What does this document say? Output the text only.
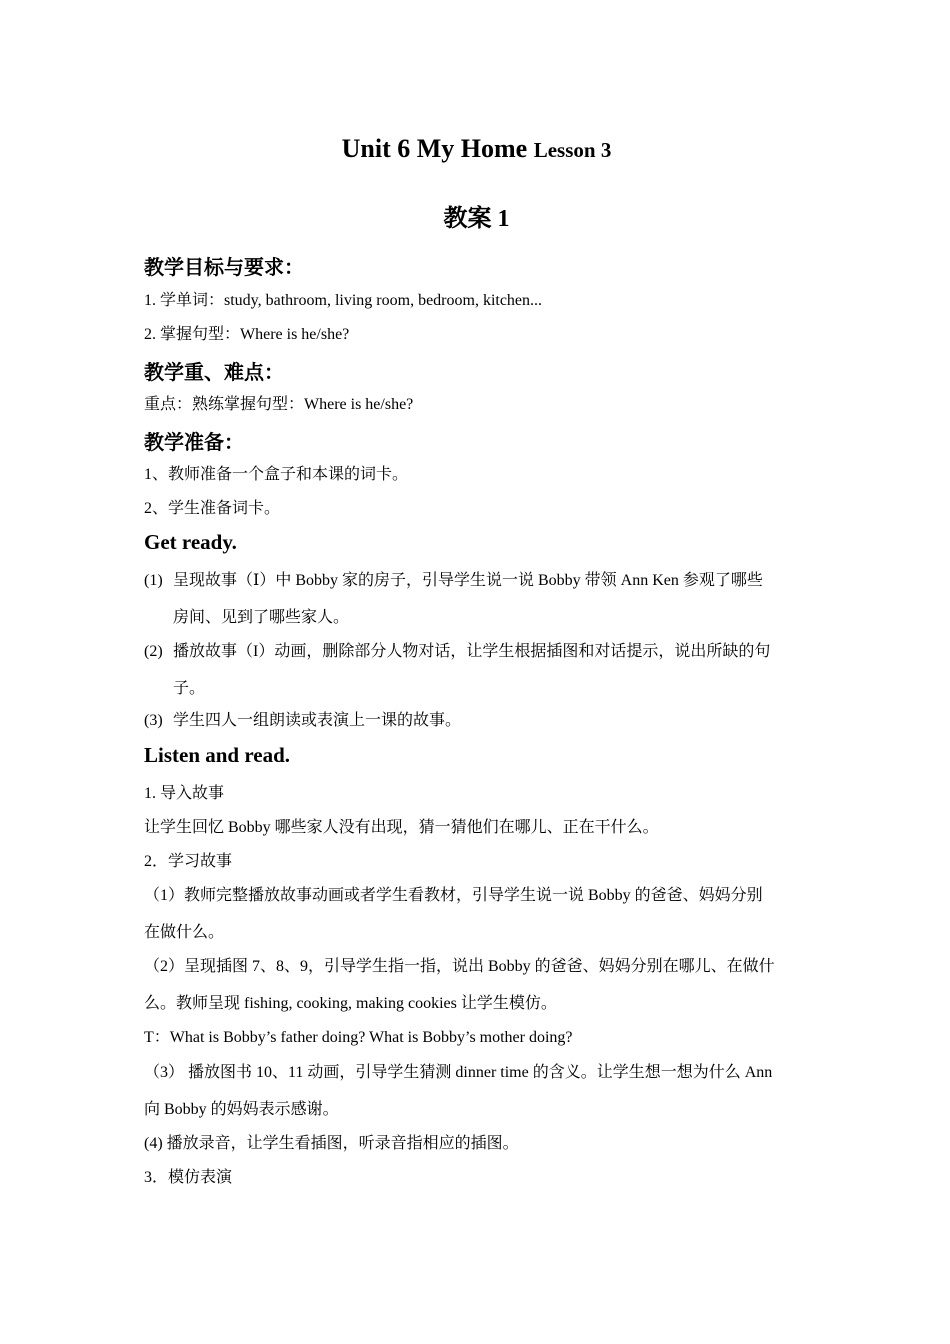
Unit 6 My Home Lesson 3
教案 1
教学目标与要求：
1. 学单词：study, bathroom, living room, bedroom, kitchen...
2. 掌握句型：Where is he/she?
教学重、难点：
重点：熟练掌握句型：Where is he/she?
教学准备：
1、教师准备一个盒子和本课的词卡。
2、学生准备词卡。
Get ready.
(1) 呈现故事（Ⅰ）中 Bobby 家的房子，引导学生说一说 Bobby 带领 Ann Ken 参观了哪些
房间、见到了哪些家人。
(2) 播放故事（I）动画，删除部分人物对话，让学生根据插图和对话提示，说出所缺的句
子。
(3) 学生四人一组朗读或表演上一课的故事。
Listen and read.
1. 导入故事
让学生回忆 Bobby 哪些家人没有出现，猜一猜他们在哪儿、正在干什么。
2．学习故事
（1）教师完整播放故事动画或者学生看教材，引导学生说一说 Bobby 的爸爸、妈妈分别
在做什么。
（2）呈现插图 7、8、9，引导学生指一指，说出 Bobby 的爸爸、妈妈分别在哪儿、在做什
么。教师呈现 fishing, cooking, making cookies 让学生模仿。
T：What is Bobby’s father doing? What is Bobby’s mother doing?
（3） 播放图书 10、11 动画，引导学生猜测 dinner time 的含义。让学生想一想为什么 Ann
向 Bobby 的妈妈表示感谢。
(4) 播放录音，让学生看插图，听录音指相应的插图。
3．模仿表演
